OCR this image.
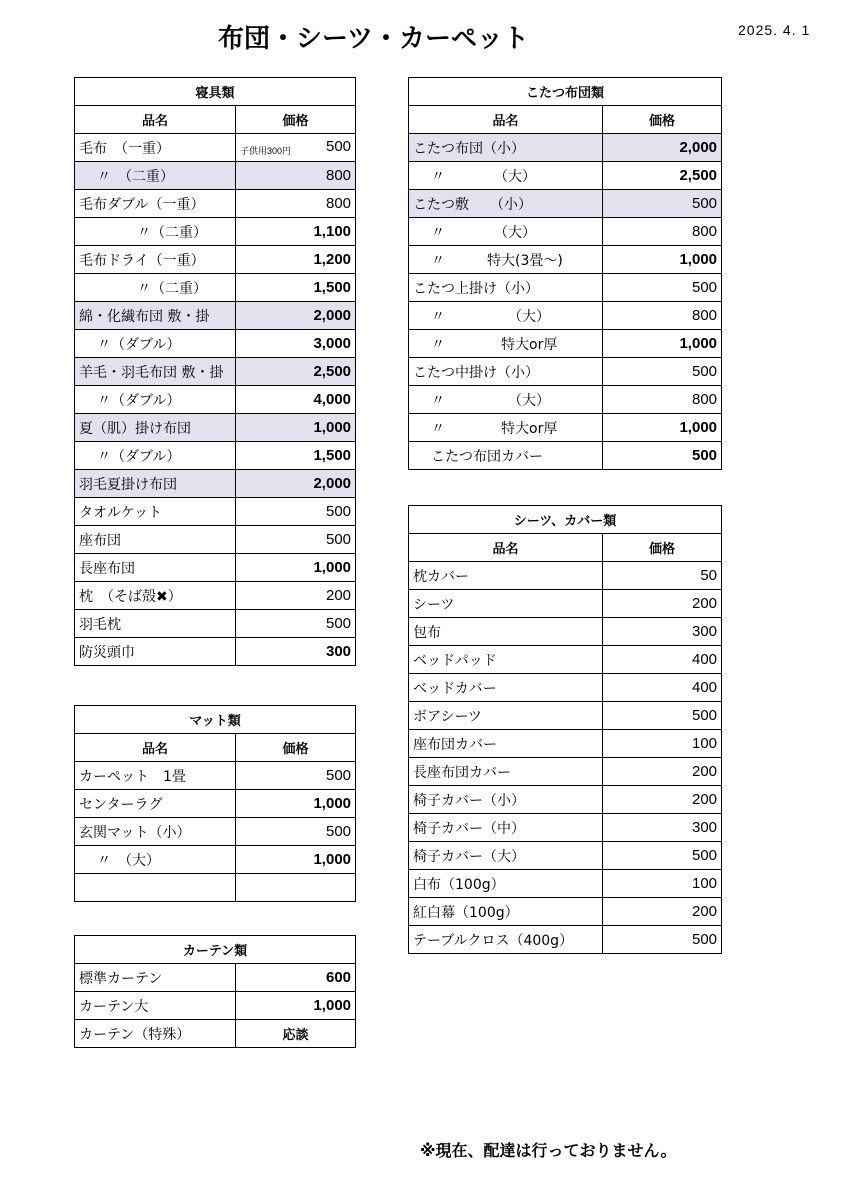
布団・シーツ・カーペット	2025. 4. 1
寝具類	
品名	価格
毛布　（一重）	子供用300円 500
〃　（二重）	800
毛布ダブル（一重）	800
〃（二重）	1,100
毛布ドライ（一重）	1,200
〃（二重）	1,500
綿・化繊布団 敷・掛	2,000
〃（ダブル）	3,000
羊毛・羽毛布団 敷・掛	2,500
〃（ダブル）	4,000
夏（肌）掛け布団	1,000
〃（ダブル）	1,500
羽毛夏掛け布団	2,000
タオルケット	500
座布団	500
長座布団	1,000
枕　（そば殻✖）	200
羽毛枕	500
防災頭巾	300
マット類	
品名	価格
カーペット　1畳	500
センターラグ	1,000
玄関マット（小）	500
〃　（大）	1,000

カーテン類	
標準カーテン	600
カーテン大	1,000
カーテン（特殊）	応談
こたつ布団類	
品名	価格
こたつ布団（小）	2,000
〃　　　　（大）	2,500
こたつ敷　　（小）	500
〃　　　　（大）	800
〃　　　特大(3畳～)	1,000
こたつ上掛け（小）	500
〃　　　　　（大）	800
〃　　　　特大or厚	1,000
こたつ中掛け（小）	500
〃　　　　　（大）	800
〃　　　　特大or厚	1,000
こたつ布団カバー	500
シーツ、カバー類	
品名	価格
枕カバー	50
シーツ	200
包布	300
ベッドパッド	400
ベッドカバー	400
ボアシーツ	500
座布団カバー	100
長座布団カバー	200
椅子カバー（小）	200
椅子カバー（中）	300
椅子カバー（大）	500
白布（100g）	100
紅白幕（100g）	200
テーブルクロス（400g）	500
※現在、配達は行っておりません。
